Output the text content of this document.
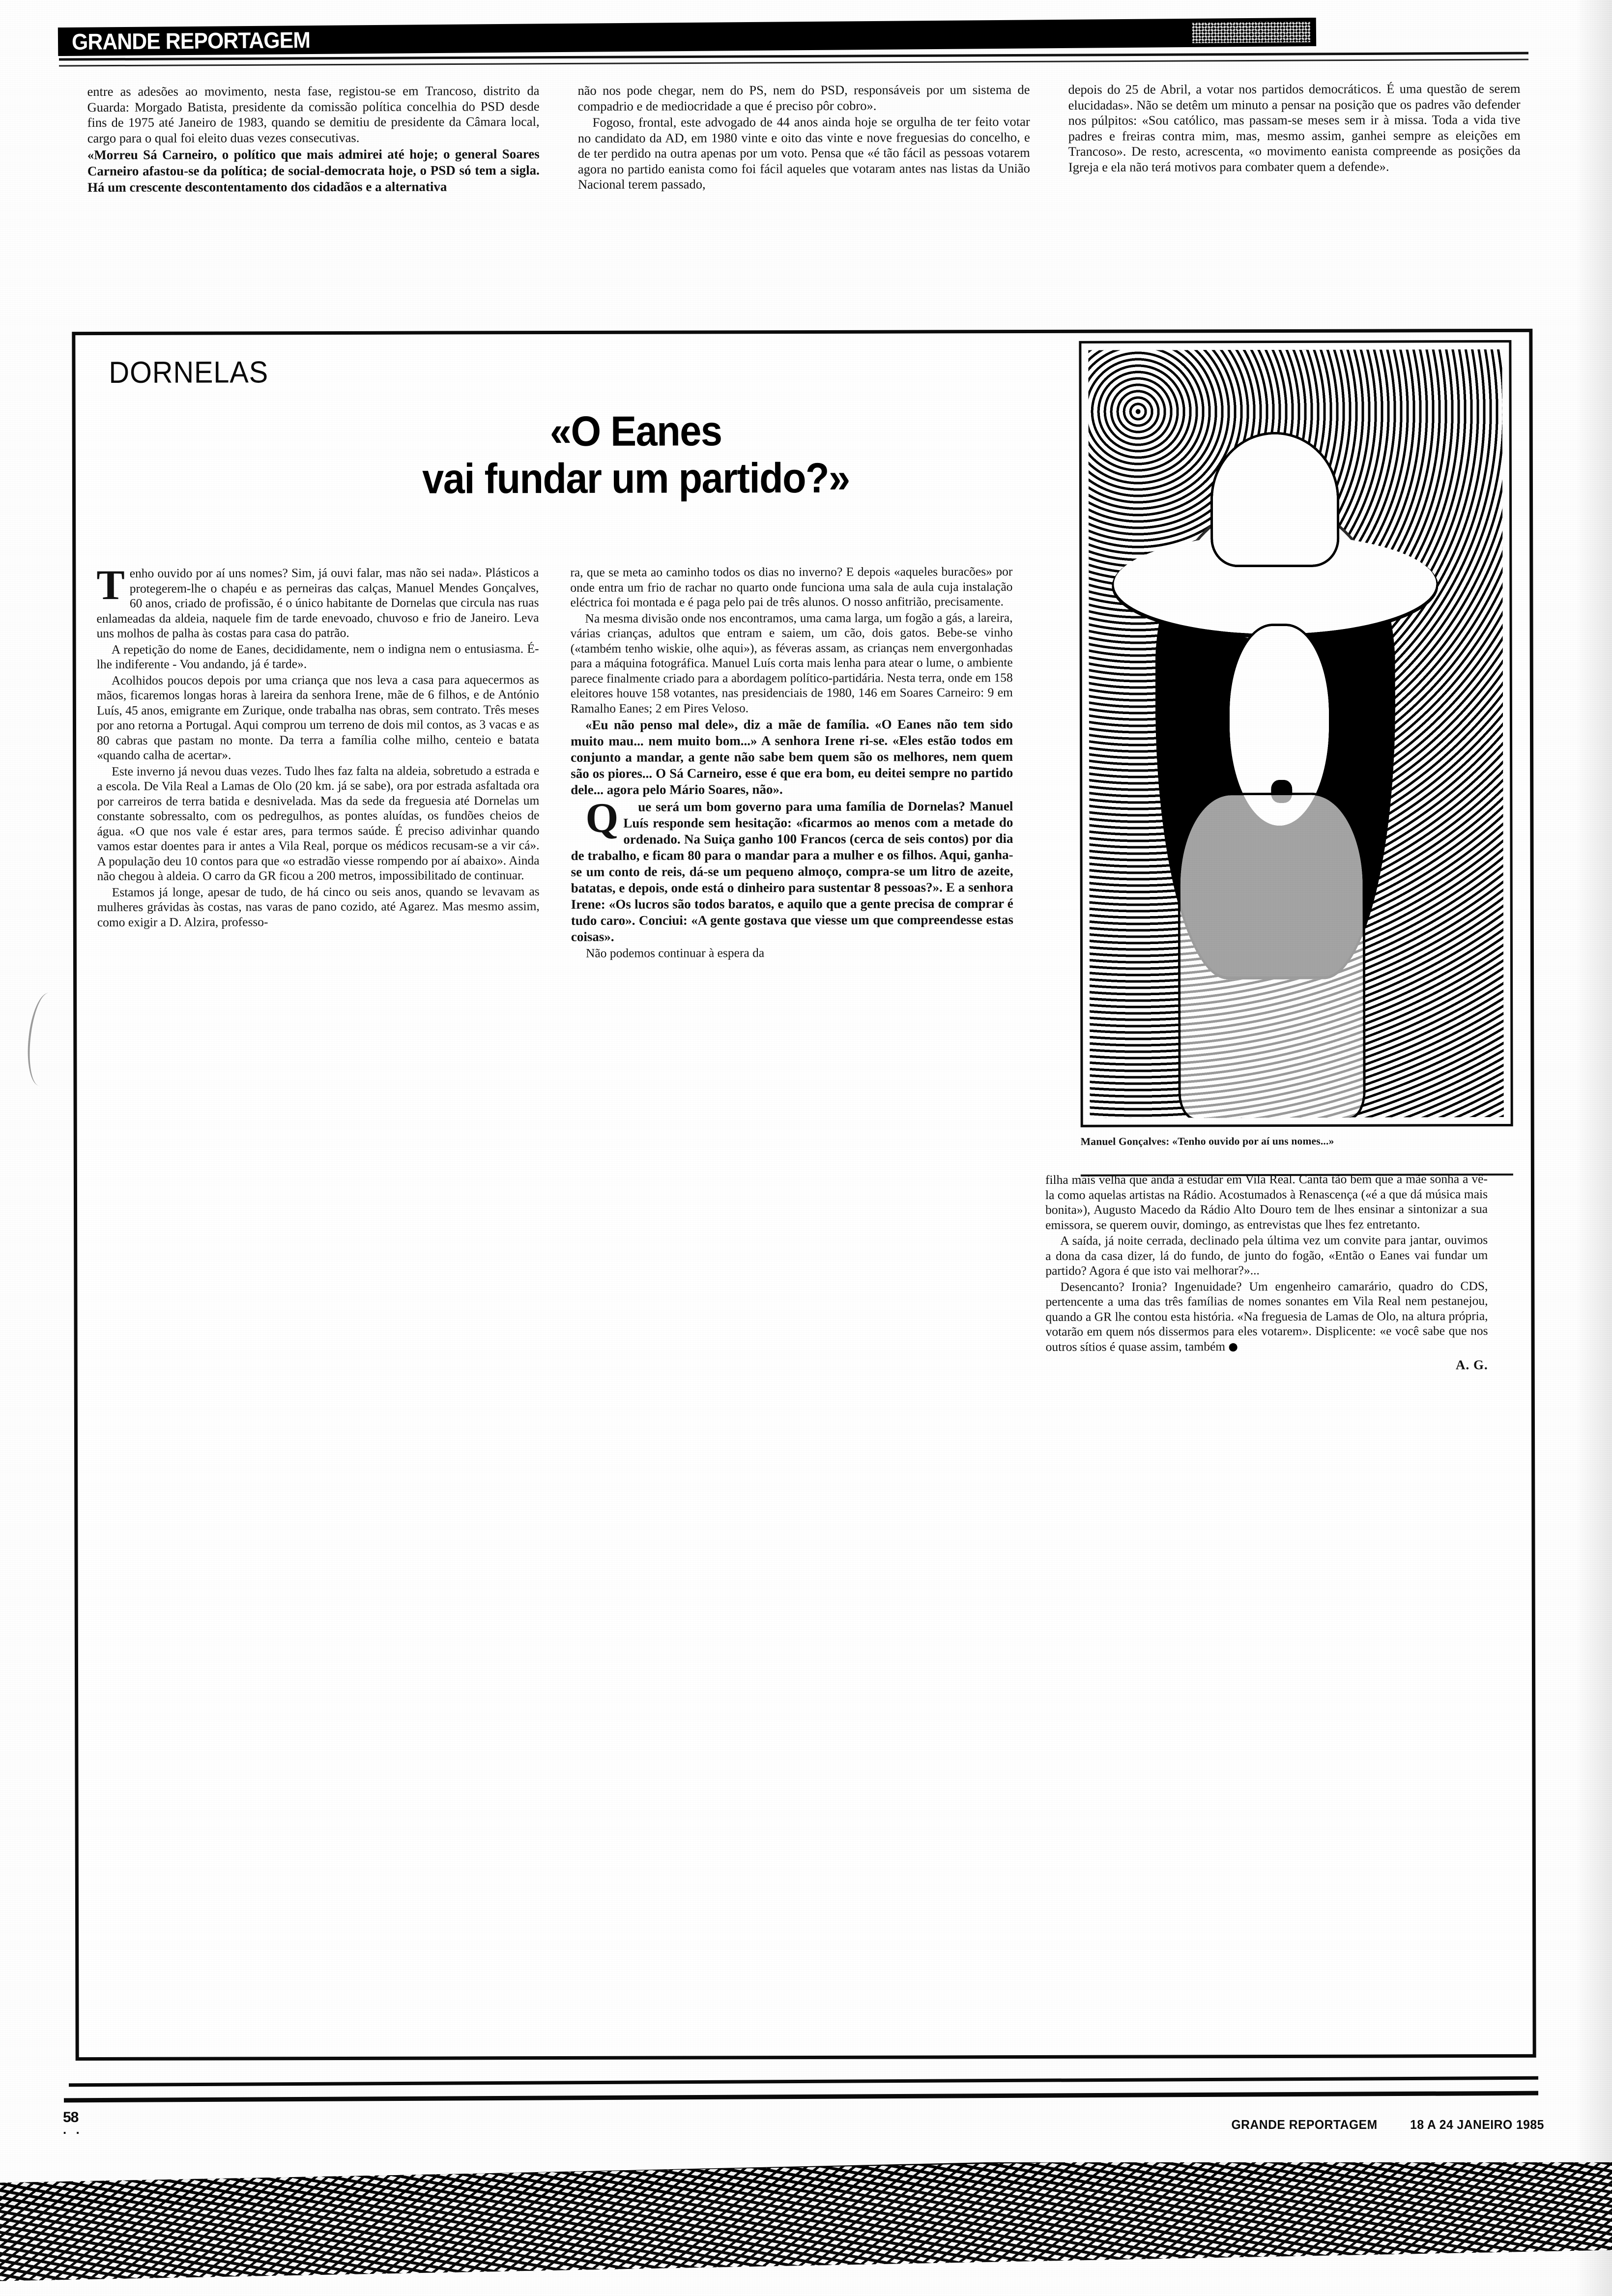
GRANDE REPORTAGEM

entre as adesões ao movimento, nesta fase, registou-se em Trancoso, distrito da Guarda: Morgado Batista, presidente da comissão política concelhia do PSD desde fins de 1975 até Janeiro de 1983, quando se demitiu de presidente da Câmara local, cargo para o qual foi eleito duas vezes consecutivas.

«Morreu Sá Carneiro, o político que mais admirei até hoje; o general Soares Carneiro afastou-se da política; de social-democrata hoje, o PSD só tem a sigla. Há um crescente descontentamento dos cidadãos e a alternativa

não nos pode chegar, nem do PS, nem do PSD, responsáveis por um sistema de compadrio e de mediocridade a que é preciso pôr cobro».

Fogoso, frontal, este advogado de 44 anos ainda hoje se orgulha de ter feito votar no candidato da AD, em 1980 vinte e oito das vinte e nove freguesias do concelho, e de ter perdido na outra apenas por um voto. Pensa que «é tão fácil as pessoas votarem agora no partido eanista como foi fácil aqueles que votaram antes nas listas da União Nacional terem passado,

depois do 25 de Abril, a votar nos partidos democráticos. É uma questão de serem elucidadas». Não se detêm um minuto a pensar na posição que os padres vão defender nos púlpitos: «Sou católico, mas passam-se meses sem ir à missa. Toda a vida tive padres e freiras contra mim, mas, mesmo assim, ganhei sempre as eleições em Trancoso». De resto, acrescenta, «o movimento eanista compreende as posições da Igreja e ela não terá motivos para combater quem a defende».

DORNELAS
«O Eanes
vai fundar um partido?»
Manuel Gonçalves: «Tenho ouvido por aí uns nomes...»

Tenho ouvido por aí uns nomes? Sim, já ouvi falar, mas não sei nada». Plásticos a protegerem-lhe o chapéu e as perneiras das calças, Manuel Mendes Gonçalves, 60 anos, criado de profissão, é o único habitante de Dornelas que circula nas ruas enlameadas da aldeia, naquele fim de tarde enevoado, chuvoso e frio de Janeiro. Leva uns molhos de palha às costas para casa do patrão.

A repetição do nome de Eanes, decididamente, nem o indigna nem o entusiasma. É-lhe indiferente - Vou andando, já é tarde».

Acolhidos poucos depois por uma criança que nos leva a casa para aquecermos as mãos, ficaremos longas horas à lareira da senhora Irene, mãe de 6 filhos, e de António Luís, 45 anos, emigrante em Zurique, onde trabalha nas obras, sem contrato. Três meses por ano retorna a Portugal. Aqui comprou um terreno de dois mil contos, as 3 vacas e as 80 cabras que pastam no monte. Da terra a família colhe milho, centeio e batata «quando calha de acertar».

Este inverno já nevou duas vezes. Tudo lhes faz falta na aldeia, sobretudo a estrada e a escola. De Vila Real a Lamas de Olo (20 km. já se sabe), ora por estrada asfaltada ora por carreiros de terra batida e desnivelada. Mas da sede da freguesia até Dornelas um constante sobressalto, com os pedregulhos, as pontes aluídas, os fundões cheios de água. «O que nos vale é estar ares, para termos saúde. É preciso adivinhar quando vamos estar doentes para ir antes a Vila Real, porque os médicos recusam-se a vir cá». A população deu 10 contos para que «o estradão viesse rompendo por aí abaixo». Ainda não chegou à aldeia. O carro da GR ficou a 200 metros, impossibilitado de continuar.

Estamos já longe, apesar de tudo, de há cinco ou seis anos, quando se levavam as mulheres grávidas às costas, nas varas de pano cozido, até Agarez. Mas mesmo assim, como exigir a D. Alzira, professo-

ra, que se meta ao caminho todos os dias no inverno? E depois «aqueles buracões» por onde entra um frio de rachar no quarto onde funciona uma sala de aula cuja instalação eléctrica foi montada e é paga pelo pai de três alunos. O nosso anfitrião, precisamente.

Na mesma divisão onde nos encontramos, uma cama larga, um fogão a gás, a lareira, várias crianças, adultos que entram e saiem, um cão, dois gatos. Bebe-se vinho («também tenho wiskie, olhe aqui»), as féveras assam, as crianças nem envergonhadas para a máquina fotográfica. Manuel Luís corta mais lenha para atear o lume, o ambiente parece finalmente criado para a abordagem político-partidária. Nesta terra, onde em 158 eleitores houve 158 votantes, nas presidenciais de 1980, 146 em Soares Carneiro: 9 em Ramalho Eanes; 2 em Pires Veloso.

«Eu não penso mal dele», diz a mãe de família. «O Eanes não tem sido muito mau... nem muito bom...» A senhora Irene ri-se. «Eles estão todos em conjunto a mandar, a gente não sabe bem quem são os melhores, nem quem são os piores... O Sá Carneiro, esse é que era bom, eu deitei sempre no partido dele... agora pelo Mário Soares, não».

Que será um bom governo para uma família de Dornelas? Manuel Luís responde sem hesitação: «ficarmos ao menos com a metade do ordenado. Na Suiça ganho 100 Francos (cerca de seis contos) por dia de trabalho, e ficam 80 para o mandar para a mulher e os filhos. Aqui, ganha-se um conto de reis, dá-se um pequeno almoço, compra-se um litro de azeite, batatas, e depois, onde está o dinheiro para sustentar 8 pessoas?». E a senhora Irene: «Os lucros são todos baratos, e aquilo que a gente precisa de comprar é tudo caro». Conciui: «A gente gostava que viesse um que compreendesse estas coisas».

Não podemos continuar à espera da

filha mais velha que anda a estudar em Vila Real. Canta tão bem que a mãe sonha a vê-la como aquelas artistas na Rádio. Acostumados à Renascença («é a que dá música mais bonita»), Augusto Macedo da Rádio Alto Douro tem de lhes ensinar a sintonizar a sua emissora, se querem ouvir, domingo, as entrevistas que lhes fez entretanto.

A saída, já noite cerrada, declinado pela última vez um convite para jantar, ouvimos a dona da casa dizer, lá do fundo, de junto do fogão, «Então o Eanes vai fundar um partido? Agora é que isto vai melhorar?»...

Desencanto? Ironia? Ingenuidade? Um engenheiro camarário, quadro do CDS, pertencente a uma das três famílias de nomes sonantes em Vila Real nem pestanejou, quando a GR lhe contou esta história. «Na freguesia de Lamas de Olo, na altura própria, votarão em quem nós dissermos para eles votarem». Displicente: «e você sabe que nos outros sítios é quase assim, também

A. G.
58
. .	GRANDE REPORTAGEM	18 A 24 JANEIRO 1985
